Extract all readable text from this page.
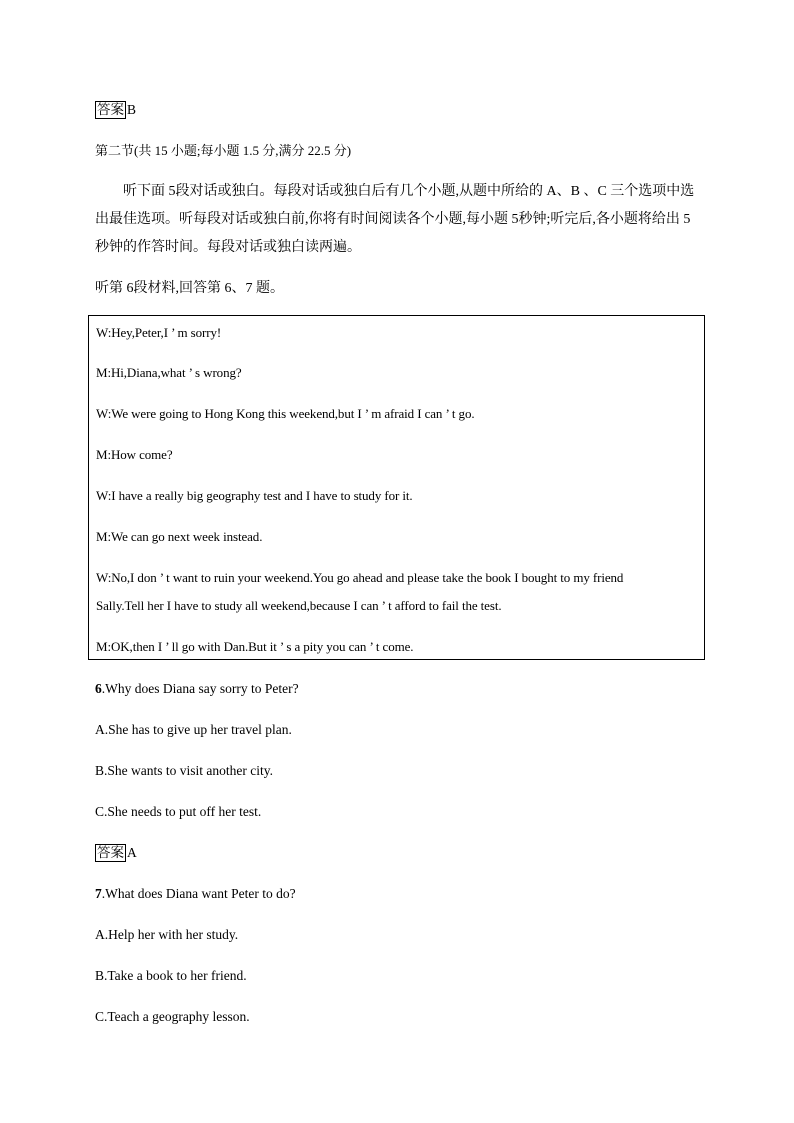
答案 B
第二节(共 15 小题;每小题 1.5 分,满分 22.5 分)
听下面 5段对话或独白。每段对话或独白后有几个小题,从题中所给的 A、B 、C 三个选项中选
出最佳选项。听每段对话或独白前,你将有时间阅读各个小题,每小题 5秒钟;听完后,各小题将给出 5
秒钟的作答时间。每段对话或独白读两遍。
听第 6段材料,回答第 6、7 题。
W:Hey,Peter,I ’ m sorry!
M:Hi,Diana,what ’ s wrong?
W:We were going to Hong Kong this weekend,but I ’ m afraid I can ’ t go.
M:How come?
W:I have a really big geography test and I have to study for it.
M:We can go next week instead.
W:No,I don ’ t want to ruin your weekend.You go ahead and please take the book I bought to my friend
Sally.Tell her I have to study all weekend,because I can ’ t afford to fail the test.
M:OK,then I ’ ll go with Dan.But it ’ s a pity you can ’ t come.
6.Why does Diana say sorry to Peter?
A.She has to give up her travel plan.
B.She wants to visit another city.
C.She needs to put off her test.
答案 A
7.What does Diana want Peter to do?
A.Help her with her study.
B.Take a book to her friend.
C.Teach a geography lesson.
